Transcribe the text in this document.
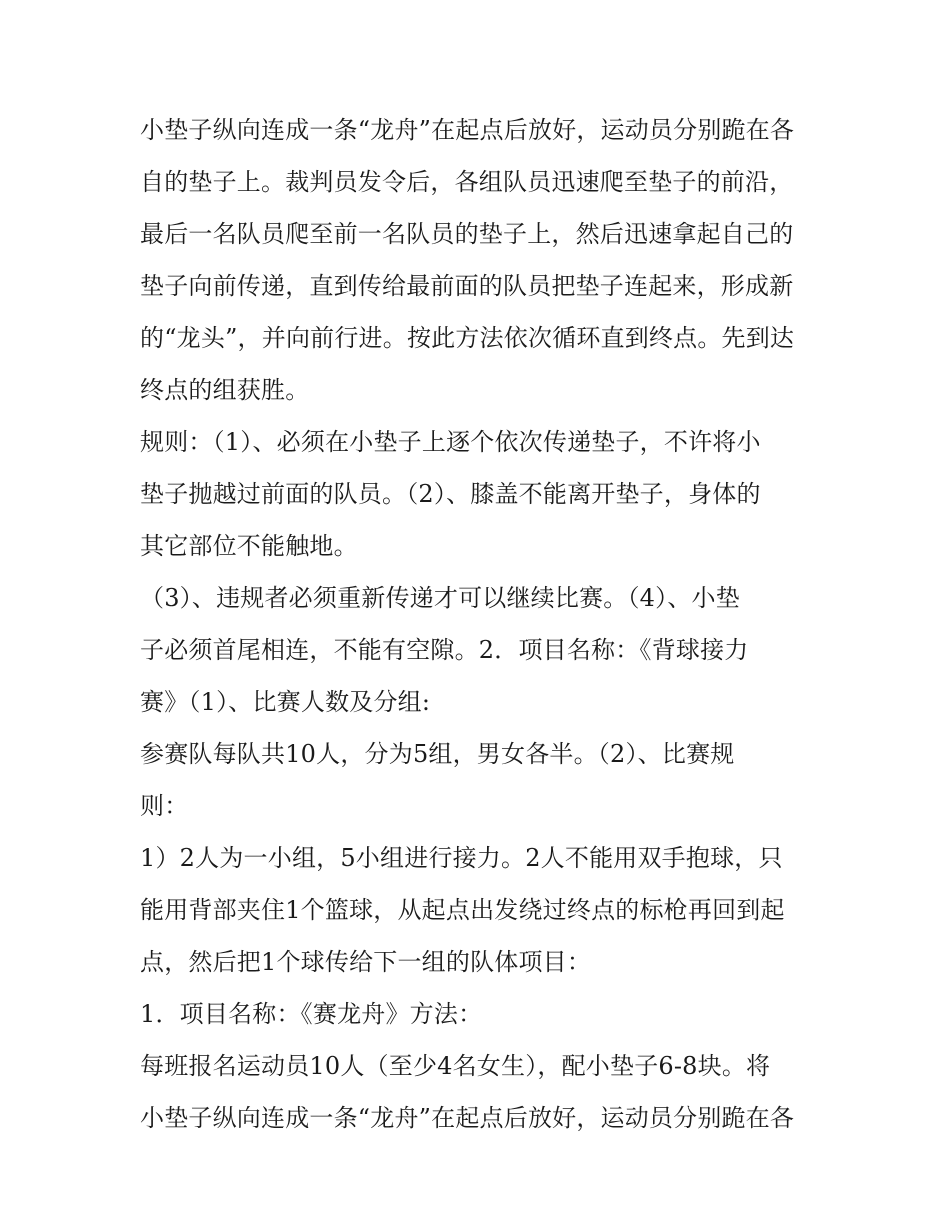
小垫子纵向连成一条“龙舟”在起点后放好，运动员分别跪在各
自的垫子上。裁判员发令后，各组队员迅速爬至垫子的前沿，
最后一名队员爬至前一名队员的垫子上，然后迅速拿起自己的
垫子向前传递，直到传给最前面的队员把垫子连起来，形成新
的“龙头”，并向前行进。按此方法依次循环直到终点。先到达
终点的组获胜。
规则：（1）、必须在小垫子上逐个依次传递垫子，不许将小
垫子抛越过前面的队员。（2）、膝盖不能离开垫子，身体的
其它部位不能触地。
（3）、违规者必须重新传递才可以继续比赛。（4）、小垫
子必须首尾相连，不能有空隙。2．项目名称：《背球接力
赛》（1）、比赛人数及分组:
参赛队每队共10人，分为5组，男女各半。（2）、比赛规
则：
1）2人为一小组，5小组进行接力。2人不能用双手抱球，只
能用背部夹住1个篮球，从起点出发绕过终点的标枪再回到起
点，然后把1个球传给下一组的队体项目：
1．项目名称：《赛龙舟》方法：
每班报名运动员10人（至少4名女生），配小垫子6-8块。将
小垫子纵向连成一条“龙舟”在起点后放好，运动员分别跪在各
